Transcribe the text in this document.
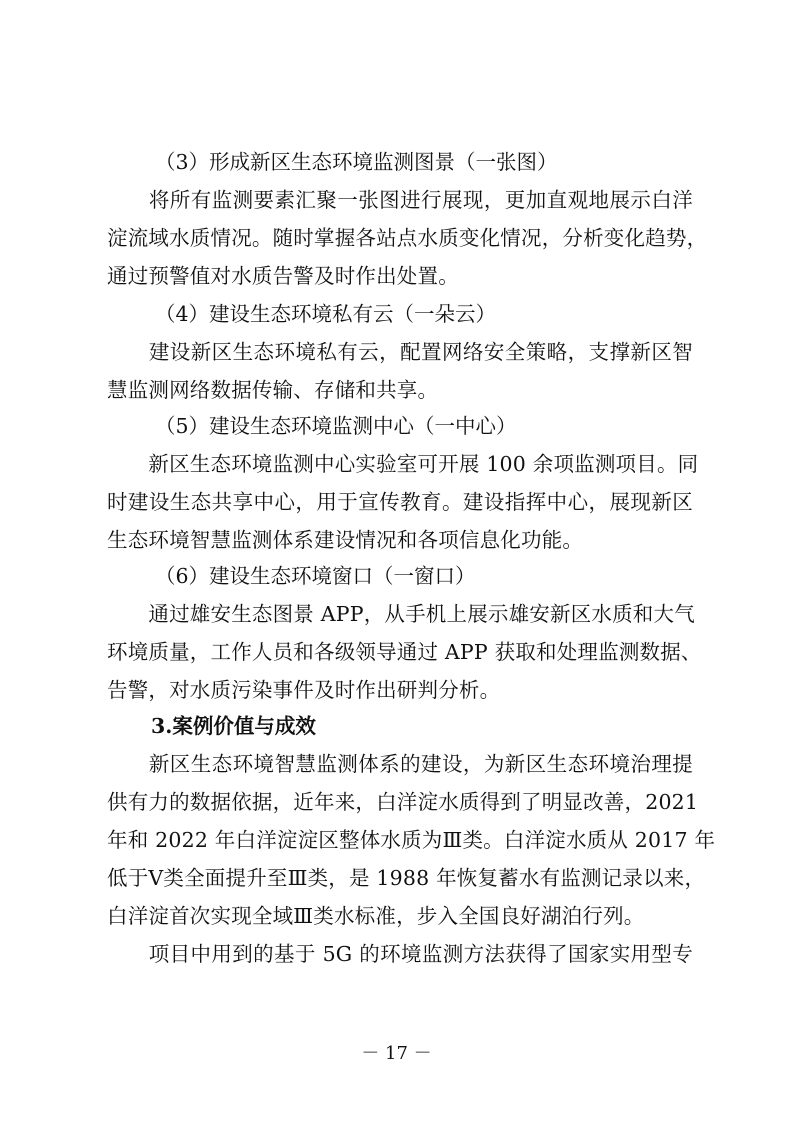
（3）形成新区生态环境监测图景（一张图）
　　将所有监测要素汇聚一张图进行展现，更加直观地展示白洋
淀流域水质情况。随时掌握各站点水质变化情况，分析变化趋势，
通过预警值对水质告警及时作出处置。
（4）建设生态环境私有云（一朵云）
　　建设新区生态环境私有云，配置网络安全策略，支撑新区智
慧监测网络数据传输、存储和共享。
（5）建设生态环境监测中心（一中心）
　　新区生态环境监测中心实验室可开展 100 余项监测项目。同
时建设生态共享中心，用于宣传教育。建设指挥中心，展现新区
生态环境智慧监测体系建设情况和各项信息化功能。
（6）建设生态环境窗口（一窗口）
　　通过雄安生态图景 APP，从手机上展示雄安新区水质和大气
环境质量，工作人员和各级领导通过 APP 获取和处理监测数据、
告警，对水质污染事件及时作出研判分析。
3.案例价值与成效
　　新区生态环境智慧监测体系的建设，为新区生态环境治理提
供有力的数据依据，近年来，白洋淀水质得到了明显改善，2021
年和 2022 年白洋淀淀区整体水质为Ⅲ类。白洋淀水质从 2017 年
低于Ⅴ类全面提升至Ⅲ类，是 1988 年恢复蓄水有监测记录以来，
白洋淀首次实现全域Ⅲ类水标准，步入全国良好湖泊行列。
　　项目中用到的基于 5G 的环境监测方法获得了国家实用型专
－ 17 －
